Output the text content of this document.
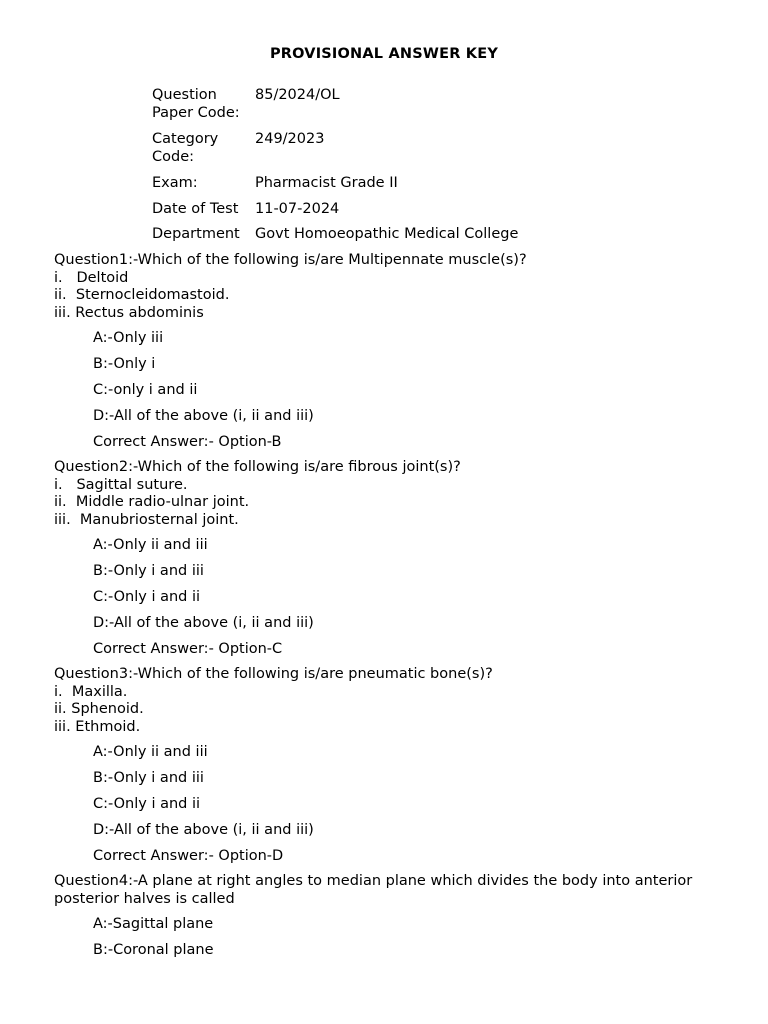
PROVISIONAL ANSWER KEY
Question
Paper Code:	85/2024/OL

Category
Code:	249/2023
Exam:	Pharmacist Grade II
Date of Test	11-07-2024
Department	Govt Homoeopathic Medical College
Question1:-Which of the following is/are Multipennate muscle(s)?
i.   Deltoid
ii.  Sternocleidomastoid.
iii. Rectus abdominis
A:-Only iii
B:-Only i
C:-only i and ii
D:-All of the above (i, ii and iii)
Correct Answer:- Option-B
Question2:-Which of the following is/are fibrous joint(s)?
i.   Sagittal suture.
ii.  Middle radio-ulnar joint.
iii.  Manubriosternal joint.
A:-Only ii and iii
B:-Only i and iii
C:-Only i and ii
D:-All of the above (i, ii and iii)
Correct Answer:- Option-C
Question3:-Which of the following is/are pneumatic bone(s)?
i.  Maxilla.
ii. Sphenoid.
iii. Ethmoid.
A:-Only ii and iii
B:-Only i and iii
C:-Only i and ii
D:-All of the above (i, ii and iii)
Correct Answer:- Option-D
Question4:-A plane at right angles to median plane which divides the body into anterior posterior halves is called
A:-Sagittal plane
B:-Coronal plane
